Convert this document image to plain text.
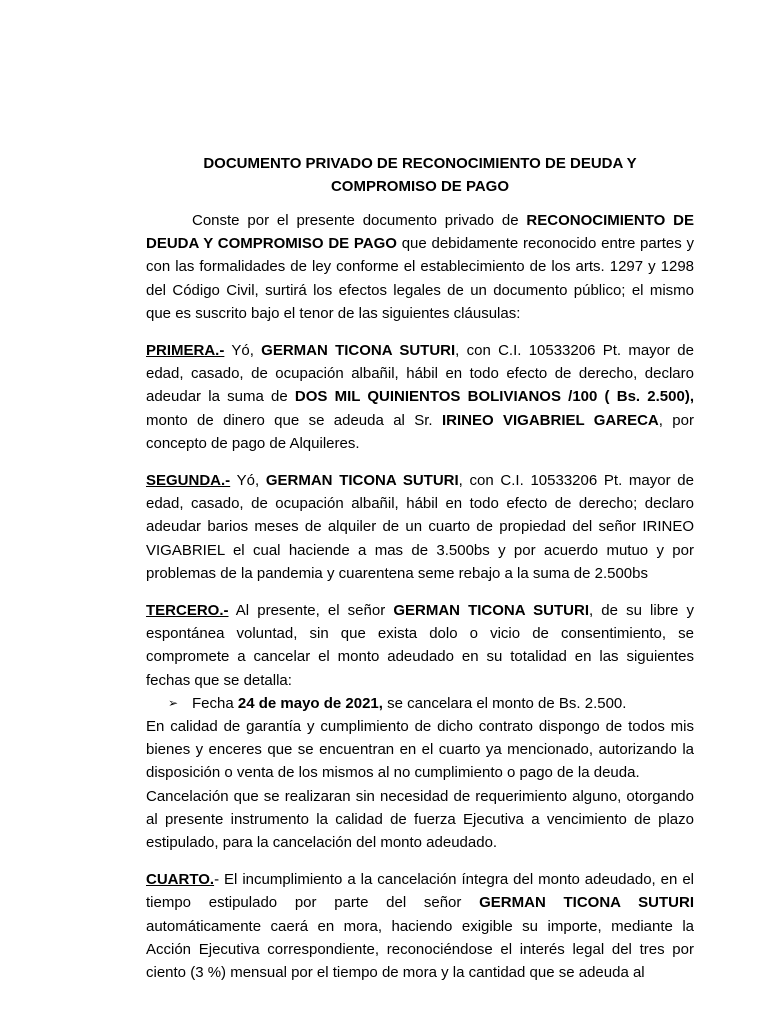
DOCUMENTO PRIVADO DE RECONOCIMIENTO DE DEUDA Y
COMPROMISO DE PAGO

Conste por el presente documento privado de RECONOCIMIENTO DE DEUDA Y COMPROMISO DE PAGO que debidamente reconocido entre partes y con las formalidades de ley conforme el establecimiento de los arts. 1297 y 1298 del Código Civil, surtirá los efectos legales de un documento público; el mismo que es suscrito bajo el tenor de las siguientes cláusulas:

PRIMERA.- Yó, GERMAN TICONA SUTURI, con C.I. 10533206 Pt. mayor de edad, casado, de ocupación albañil, hábil en todo efecto de derecho, declaro adeudar la suma de DOS MIL QUINIENTOS BOLIVIANOS /100 ( Bs. 2.500), monto de dinero que se adeuda al Sr. IRINEO VIGABRIEL GARECA, por concepto de pago de Alquileres.

SEGUNDA.- Yó, GERMAN TICONA SUTURI, con C.I. 10533206 Pt. mayor de edad, casado, de ocupación albañil, hábil en todo efecto de derecho; declaro adeudar barios meses de alquiler de un cuarto de propiedad del señor IRINEO VIGABRIEL el cual haciende a mas de 3.500bs y por acuerdo mutuo y por problemas de la pandemia y cuarentena seme rebajo a la suma de 2.500bs

TERCERO.- Al presente, el señor GERMAN TICONA SUTURI, de su libre y espontánea voluntad, sin que exista dolo o vicio de consentimiento, se compromete a cancelar el monto adeudado en su totalidad en las siguientes fechas que se detalla:

➢ Fecha 24 de mayo de 2021, se cancelara el monto de Bs. 2.500.

En calidad de garantía y cumplimiento de dicho contrato dispongo de todos mis bienes y enceres que se encuentran en el cuarto ya mencionado, autorizando la disposición o venta de los mismos al no cumplimiento o pago de la deuda.

Cancelación que se realizaran sin necesidad de requerimiento alguno, otorgando al presente instrumento la calidad de fuerza Ejecutiva a vencimiento de plazo estipulado, para la cancelación del monto adeudado.

CUARTO.- El incumplimiento a la cancelación íntegra del monto adeudado, en el tiempo estipulado por parte del señor GERMAN TICONA SUTURI automáticamente caerá en mora, haciendo exigible su importe, mediante la Acción Ejecutiva correspondiente, reconociéndose el interés legal del tres por ciento (3 %) mensual por el tiempo de mora y la cantidad que se adeuda al
